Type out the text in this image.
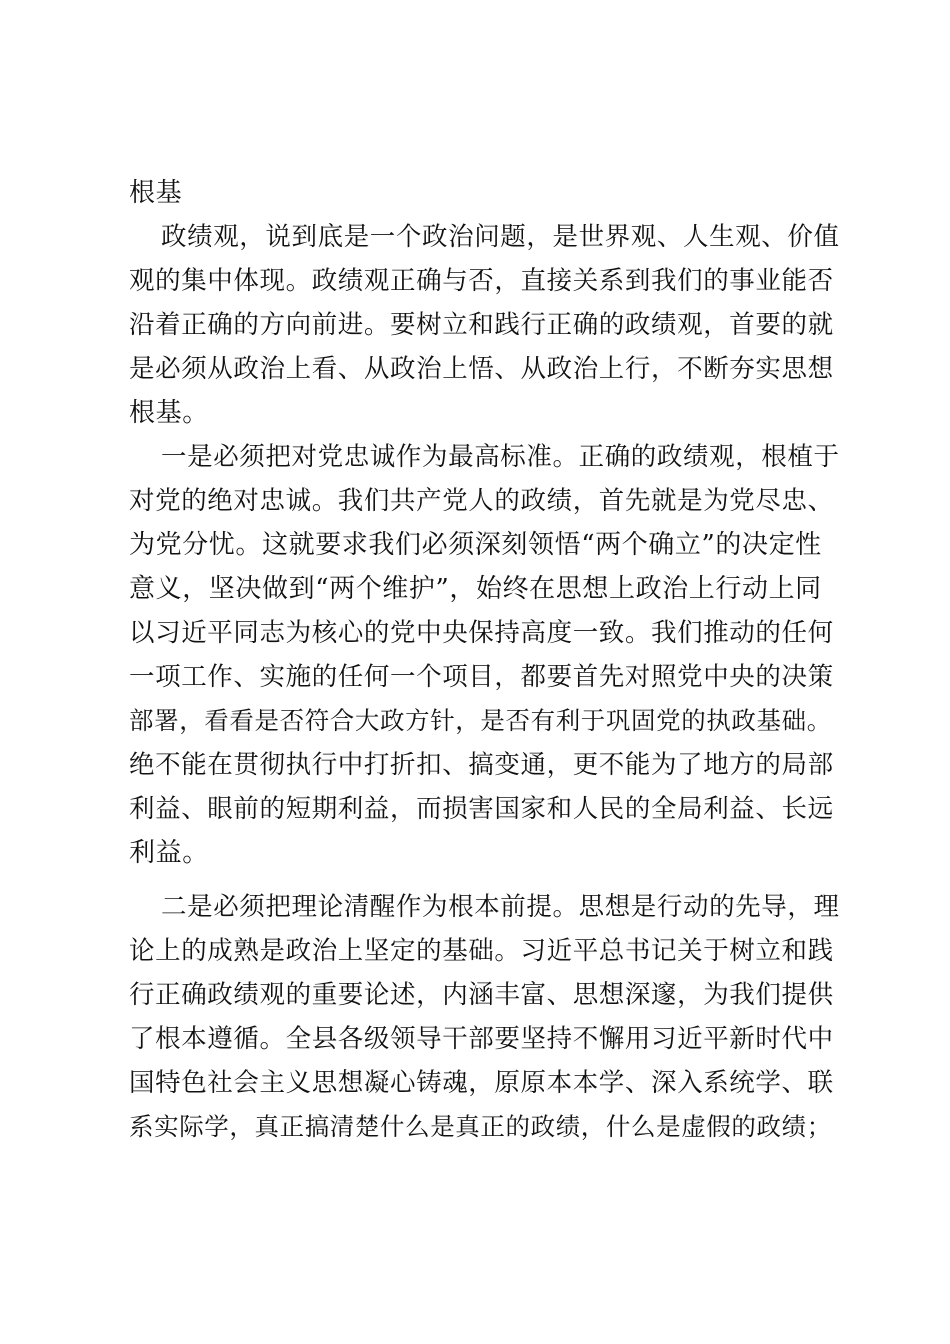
根基
政绩观，说到底是一个政治问题，是世界观、人生观、价值
观的集中体现。政绩观正确与否，直接关系到我们的事业能否
沿着正确的方向前进。要树立和践行正确的政绩观，首要的就
是必须从政治上看、从政治上悟、从政治上行，不断夯实思想
根基。
一是必须把对党忠诚作为最高标准。正确的政绩观，根植于
对党的绝对忠诚。我们共产党人的政绩，首先就是为党尽忠、
为党分忧。这就要求我们必须深刻领悟“两个确立”的决定性
意义，坚决做到“两个维护”，始终在思想上政治上行动上同
以习近平同志为核心的党中央保持高度一致。我们推动的任何
一项工作、实施的任何一个项目，都要首先对照党中央的决策
部署，看看是否符合大政方针，是否有利于巩固党的执政基础。
绝不能在贯彻执行中打折扣、搞变通，更不能为了地方的局部
利益、眼前的短期利益，而损害国家和人民的全局利益、长远
利益。
二是必须把理论清醒作为根本前提。思想是行动的先导，理
论上的成熟是政治上坚定的基础。习近平总书记关于树立和践
行正确政绩观的重要论述，内涵丰富、思想深邃，为我们提供
了根本遵循。全县各级领导干部要坚持不懈用习近平新时代中
国特色社会主义思想凝心铸魂，原原本本学、深入系统学、联
系实际学，真正搞清楚什么是真正的政绩，什么是虚假的政绩；
